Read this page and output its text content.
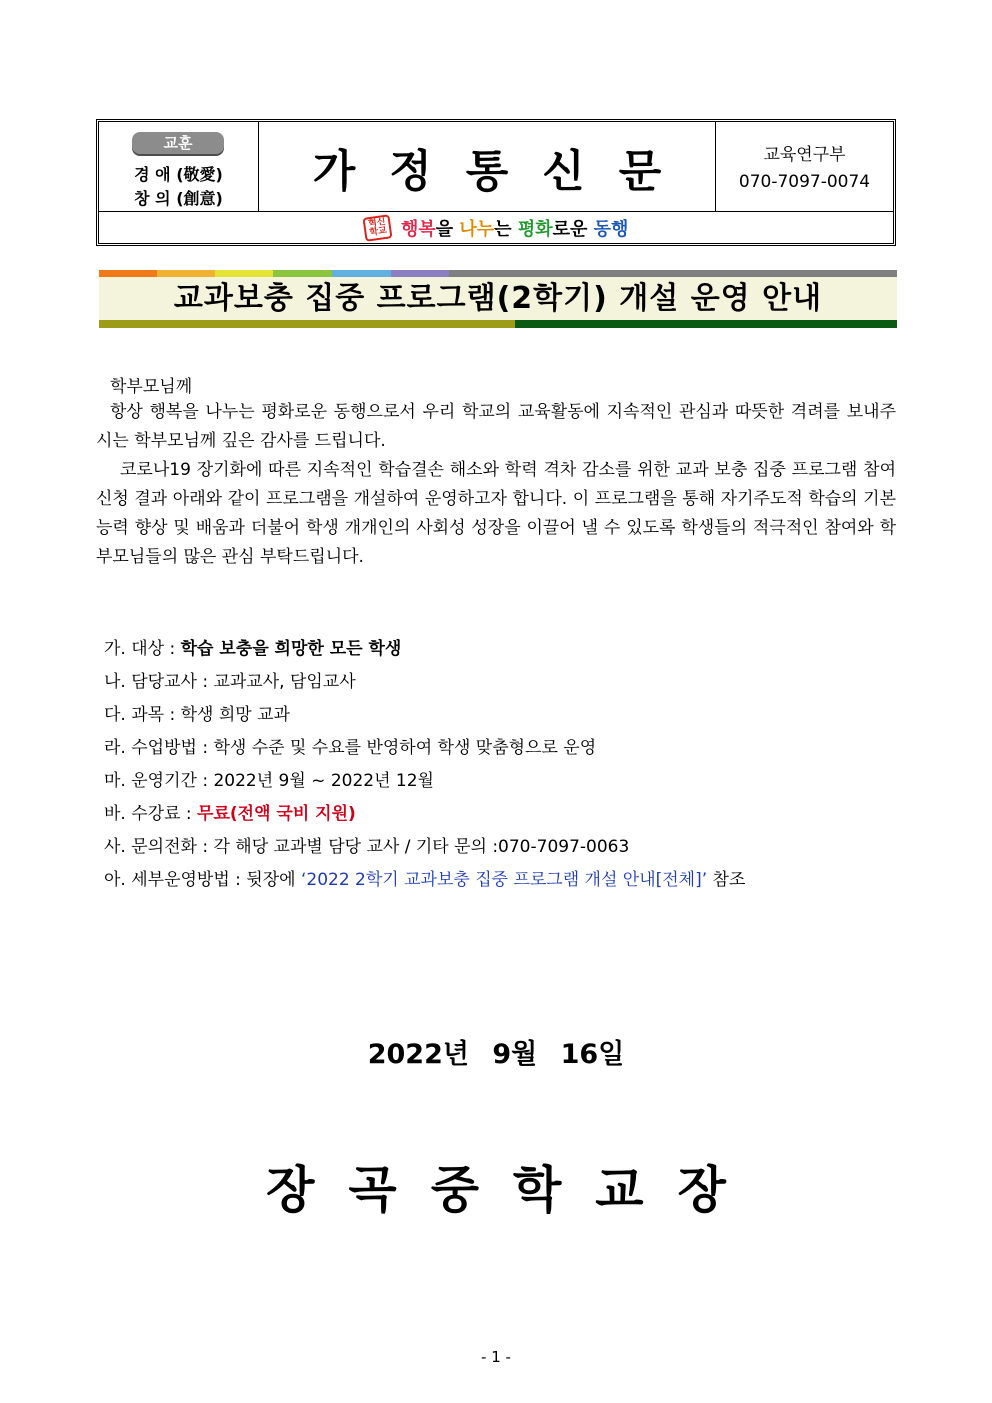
교훈
경 애 (敬愛)
창 의 (創意)
가정통신문	교육연구부
070-7097-0074
혁신
학교 행복을 나누는 평화로운 동행
교과보충 집중 프로그램(2학기) 개설 운영 안내
학부모님께
항상 행복을 나누는 평화로운 동행으로서 우리 학교의 교육활동에 지속적인 관심과 따뜻한 격려를 보내주시는 학부모님께 깊은 감사를 드립니다.
코로나19 장기화에 따른 지속적인 학습결손 해소와 학력 격차 감소를 위한 교과 보충 집중 프로그램 참여 신청 결과 아래와 같이 프로그램을 개설하여 운영하고자 합니다. 이 프로그램을 통해 자기주도적 학습의 기본능력 향상 및 배움과 더불어 학생 개개인의 사회성 성장을 이끌어 낼 수 있도록 학생들의 적극적인 참여와 학부모님들의 많은 관심 부탁드립니다.
가. 대상 : 학습 보충을 희망한 모든 학생
나. 담당교사 : 교과교사, 담임교사
다. 과목 : 학생 희망 교과
라. 수업방법 : 학생 수준 및 수요를 반영하여 학생 맞춤형으로 운영
마. 운영기간 : 2022년 9월 ~ 2022년 12월
바. 수강료 : 무료(전액 국비 지원)
사. 문의전화 : 각 해당 교과별 담당 교사 / 기타 문의 :070-7097-0063
아. 세부운영방법 : 뒷장에 ‘2022 2학기 교과보충 집중 프로그램 개설 안내[전체]’ 참조
2022년 9월 16일
장곡중학교장
- 1 -
